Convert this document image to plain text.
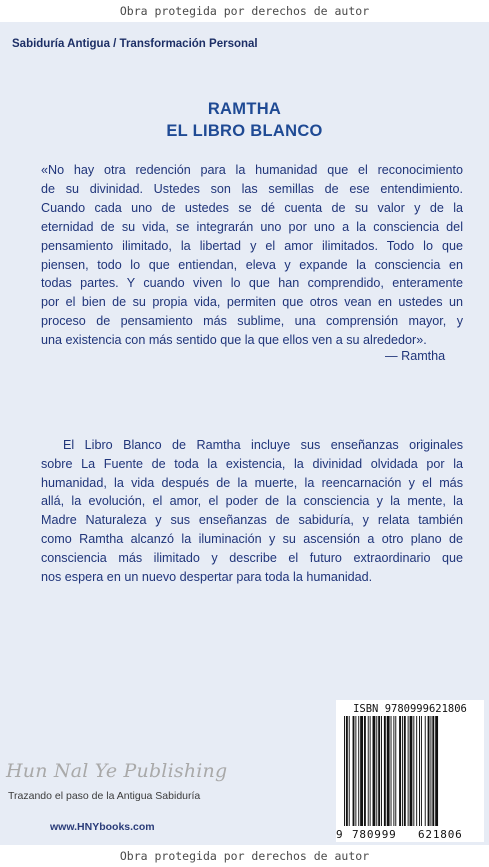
Obra protegida por derechos de autor
Sabiduría Antigua / Transformación Personal
RAMTHA
EL LIBRO BLANCO
«No hay otra redención para la humanidad que el reconocimiento
de su divinidad. Ustedes son las semillas de ese entendimiento.
Cuando cada uno de ustedes se dé cuenta de su valor y de la
eternidad de su vida, se integrarán uno por uno a la consciencia del
pensamiento ilimitado, la libertad y el amor ilimitados. Todo lo que
piensen, todo lo que entiendan, eleva y expande la consciencia en
todas partes. Y cuando viven lo que han comprendido, enteramente
por el bien de su propia vida, permiten que otros vean en ustedes un
proceso de pensamiento más sublime, una comprensión mayor, y
una existencia con más sentido que la que ellos ven a su alrededor».
— Ramtha
El Libro Blanco de Ramtha incluye sus enseñanzas originales
sobre La Fuente de toda la existencia, la divinidad olvidada por la
humanidad, la vida después de la muerte, la reencarnación y el más
allá, la evolución, el amor, el poder de la consciencia y la mente, la
Madre Naturaleza y sus enseñanzas de sabiduría, y relata también
como Ramtha alcanzó la iluminación y su ascensión a otro plano de
consciencia más ilimitado y describe el futuro extraordinario que
nos espera en un nuevo despertar para toda la humanidad.
Hun Nal Ye Publishing
Trazando el paso de la Antigua Sabiduría
www.HNYbooks.com
ISBN 9780999621806
9 780999 621806
Obra protegida por derechos de autor
